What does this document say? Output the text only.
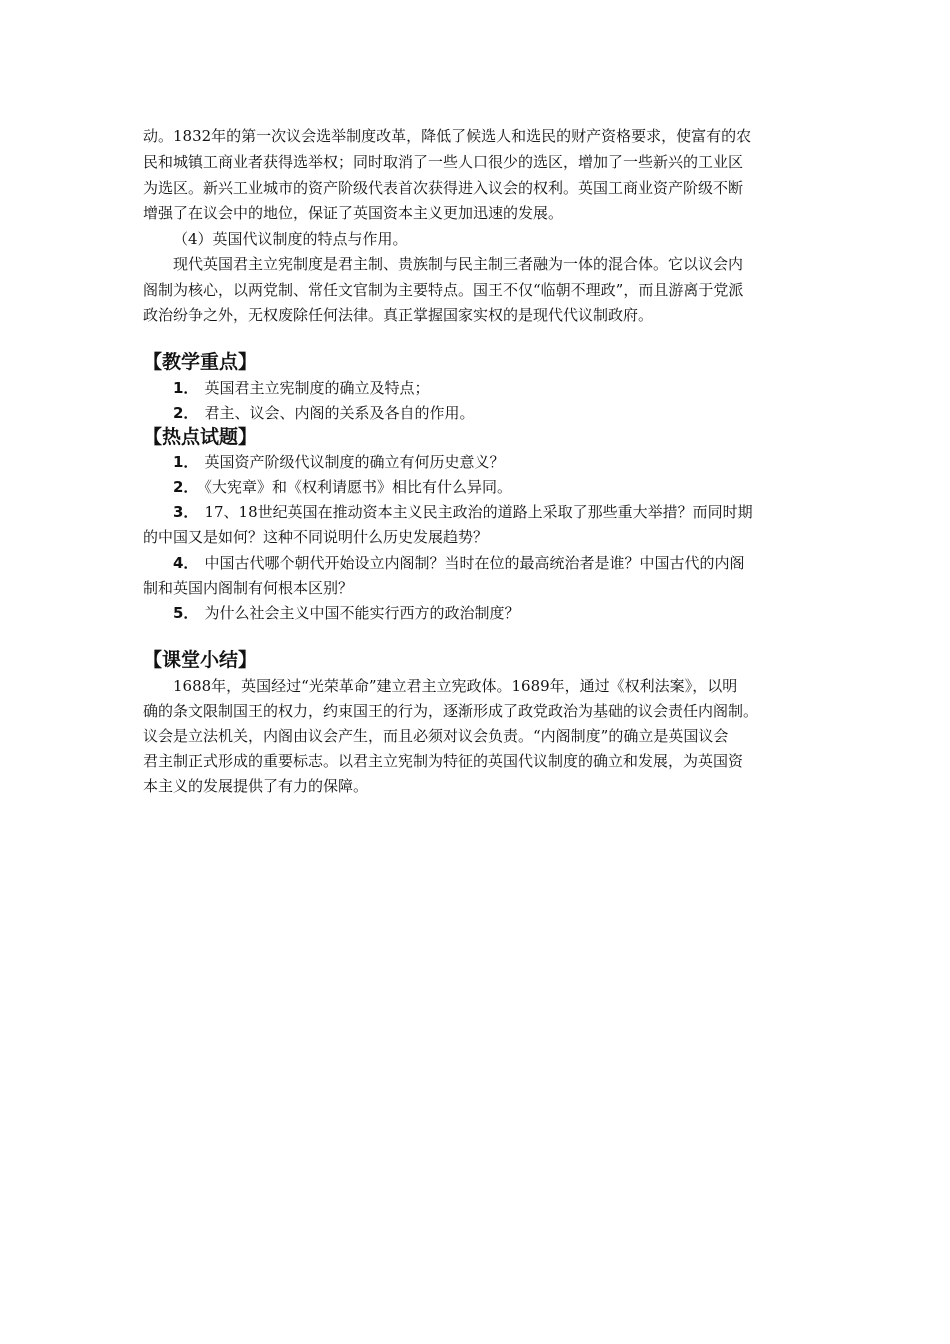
动。1832年的第一次议会选举制度改革，降低了候选人和选民的财产资格要求，使富有的农
民和城镇工商业者获得选举权；同时取消了一些人口很少的选区，增加了一些新兴的工业区
为选区。新兴工业城市的资产阶级代表首次获得进入议会的权利。英国工商业资产阶级不断
增强了在议会中的地位，保证了英国资本主义更加迅速的发展。
（4）英国代议制度的特点与作用。
现代英国君主立宪制度是君主制、贵族制与民主制三者融为一体的混合体。它以议会内
阁制为核心，以两党制、常任文官制为主要特点。国王不仅“临朝不理政”，而且游离于党派
政治纷争之外，无权废除任何法律。真正掌握国家实权的是现代代议制政府。
【教学重点】
1． 英国君主立宪制度的确立及特点；
2． 君主、议会、内阁的关系及各自的作用。
【热点试题】
1． 英国资产阶级代议制度的确立有何历史意义？
2． 《大宪章》和《权利请愿书》相比有什么异同。
3． 17、18世纪英国在推动资本主义民主政治的道路上采取了那些重大举措？而同时期
的中国又是如何？这种不同说明什么历史发展趋势？
4． 中国古代哪个朝代开始设立内阁制？当时在位的最高统治者是谁？中国古代的内阁
制和英国内阁制有何根本区别？
5． 为什么社会主义中国不能实行西方的政治制度？
【课堂小结】
1688年，英国经过“光荣革命”建立君主立宪政体。1689年，通过《权利法案》，以明
确的条文限制国王的权力，约束国王的行为，逐渐形成了政党政治为基础的议会责任内阁制。
议会是立法机关，内阁由议会产生，而且必须对议会负责。“内阁制度”的确立是英国议会
君主制正式形成的重要标志。以君主立宪制为特征的英国代议制度的确立和发展，为英国资
本主义的发展提供了有力的保障。
